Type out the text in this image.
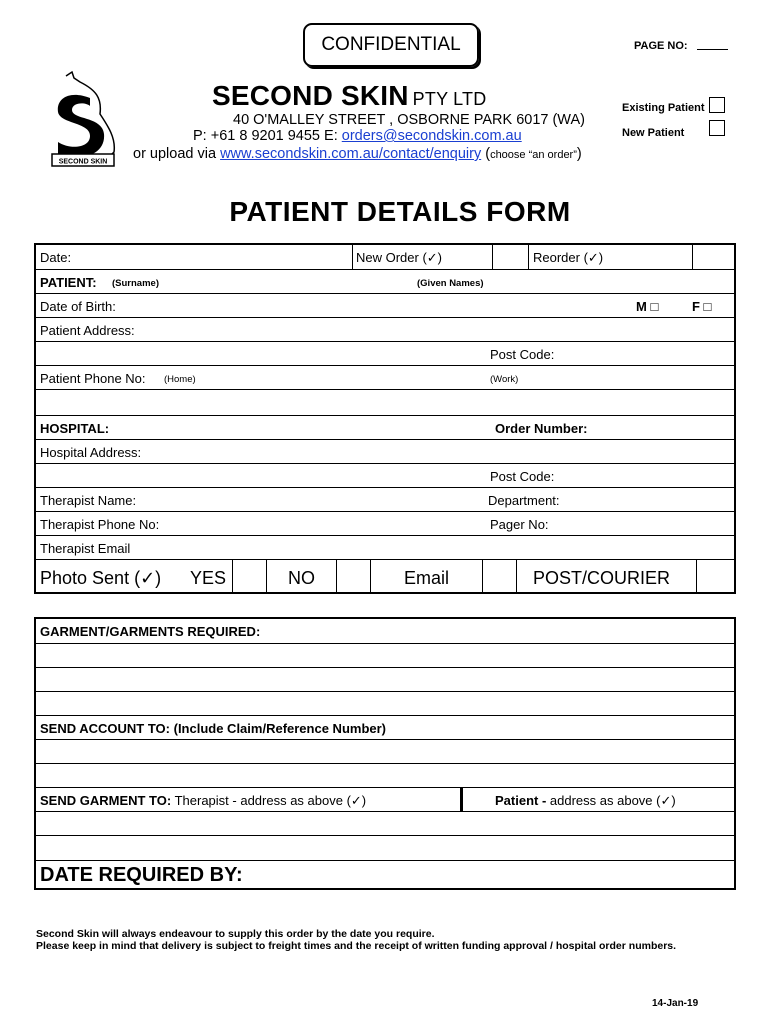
CONFIDENTIAL	PAGE NO:
SECOND SKIN
SECOND SKIN PTY LTD
40 O'MALLEY STREET , OSBORNE PARK 6017 (WA)
P: +61 8 9201 9455 E: orders@secondskin.com.au
or upload via www.secondskin.com.au/contact/enquiry (choose “an order”)
Existing Patient
New Patient
PATIENT DETAILS FORM
Date:	New Order (✓)	Reorder (✓)
PATIENT: (Surname)	(Given Names)
Date of Birth:	M □	F □
Patient Address:
Post Code:
Patient Phone No: (Home)	(Work)
HOSPITAL:	Order Number:
Hospital Address:
Post Code:
Therapist Name:	Department:
Therapist Phone No:	Pager No:
Therapist Email
Photo Sent (✓) YES	NO	Email	POST/COURIER
GARMENT/GARMENTS REQUIRED:
SEND ACCOUNT TO: (Include Claim/Reference Number)
SEND GARMENT TO: Therapist - address as above (✓)	Patient - address as above (✓)
DATE REQUIRED BY:
Second Skin will always endeavour to supply this order by the date you require.
Please keep in mind that delivery is subject to freight times and the receipt of written funding approval / hospital order numbers.
14-Jan-19
